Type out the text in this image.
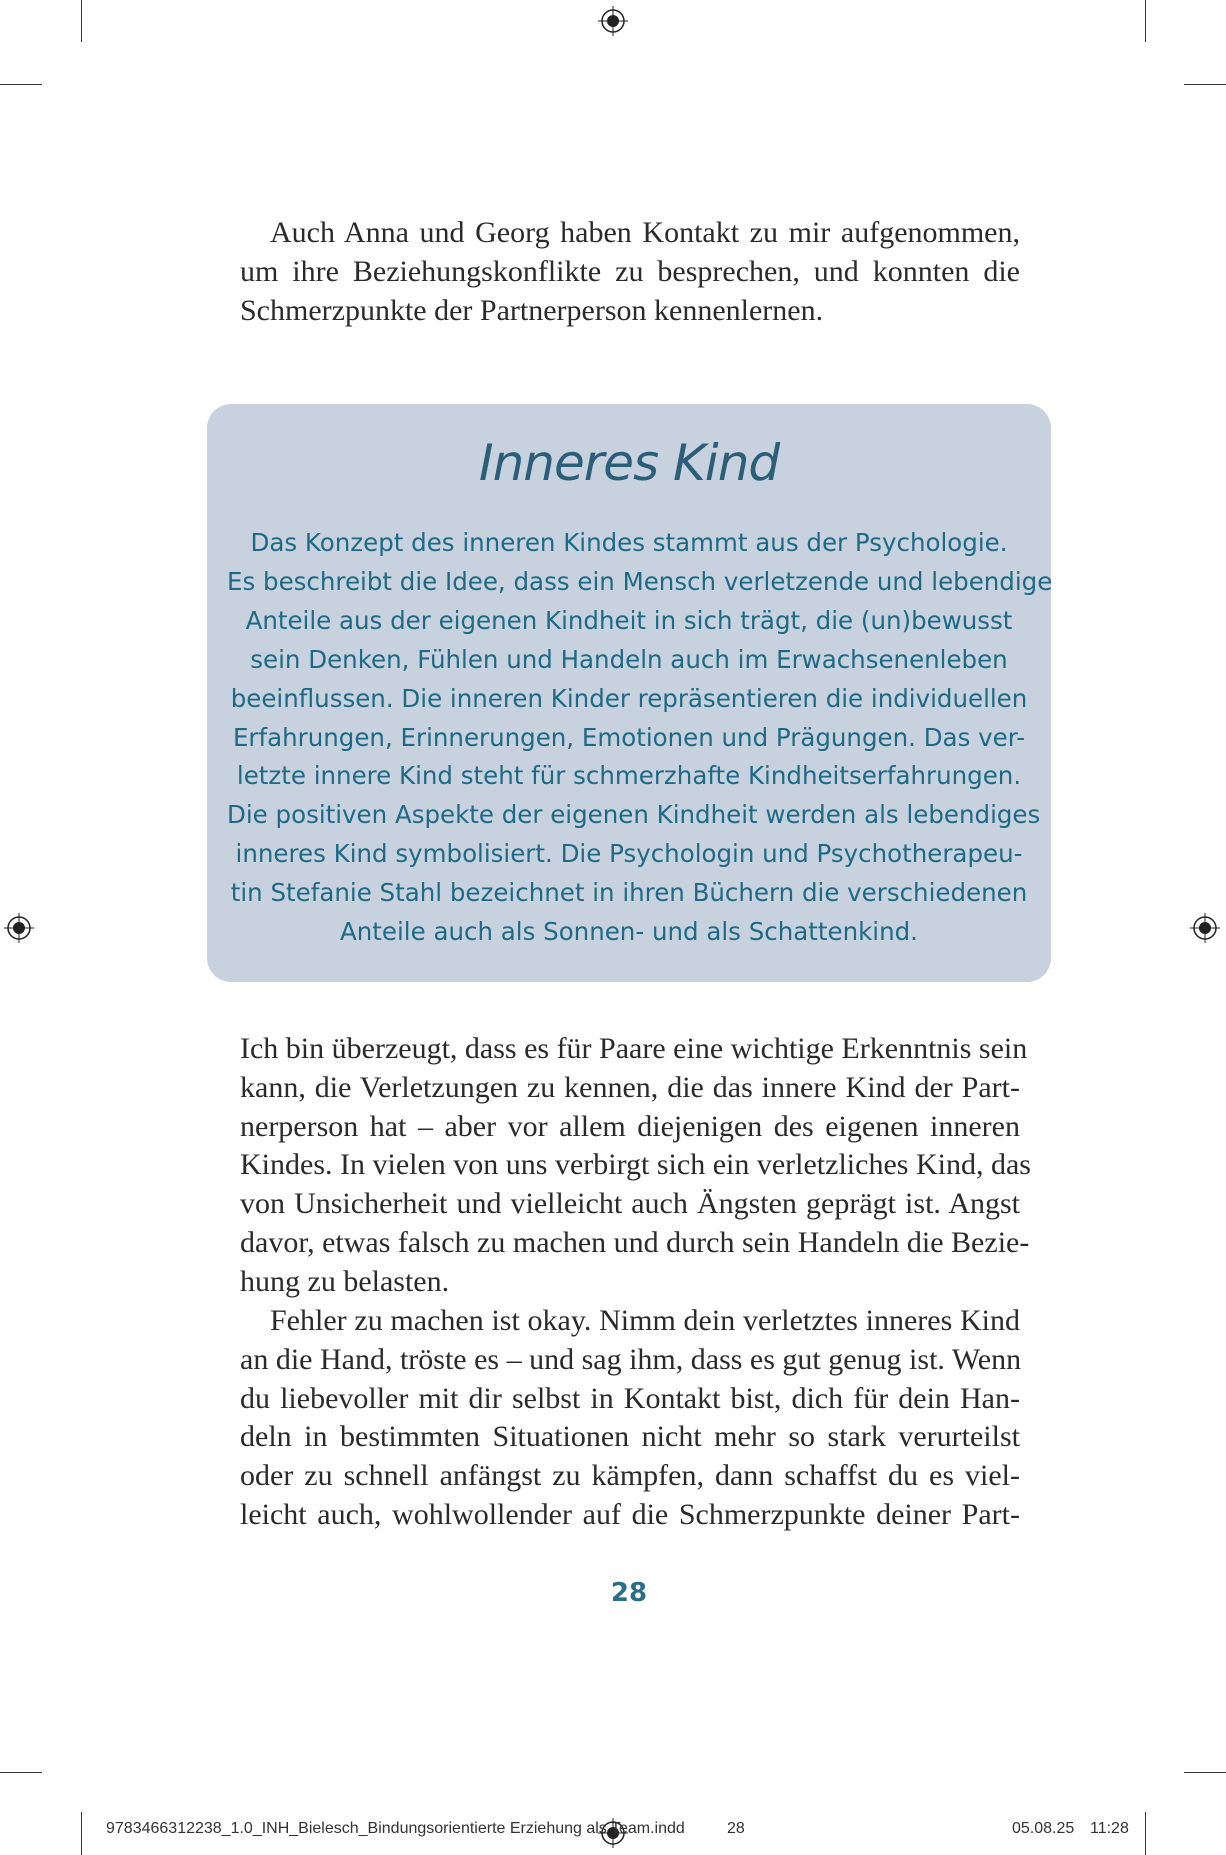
Auch Anna und Georg haben Kontakt zu mir aufgenommen,
um ihre Beziehungskonflikte zu besprechen, und konnten die
Schmerzpunkte der Partnerperson kennenlernen.

Inneres Kind

Das Konzept des inneren Kindes stammt aus der Psychologie.
Es beschreibt die Idee, dass ein Mensch verletzende und lebendige
Anteile aus der eigenen Kindheit in sich trägt, die (un)bewusst
sein Denken, Fühlen und Handeln auch im Erwachsenenleben
beeinflussen. Die inneren Kinder repräsentieren die individuellen
Erfahrungen, Erinnerungen, Emotionen und Prägungen. Das ver-
letzte innere Kind steht für schmerzhafte Kindheitserfahrungen.
Die positiven Aspekte der eigenen Kindheit werden als lebendiges
inneres Kind symbolisiert. Die Psychologin und Psychotherapeu-
tin Stefanie Stahl bezeichnet in ihren Büchern die verschiedenen
Anteile auch als Sonnen- und als Schattenkind.

Ich bin überzeugt, dass es für Paare eine wichtige Erkenntnis sein
kann, die Verletzungen zu kennen, die das innere Kind der Part-
nerperson hat – aber vor allem diejenigen des eigenen inneren
Kindes. In vielen von uns verbirgt sich ein verletzliches Kind, das
von Unsicherheit und vielleicht auch Ängsten geprägt ist. Angst
davor, etwas falsch zu machen und durch sein Handeln die Bezie-
hung zu belasten.

Fehler zu machen ist okay. Nimm dein verletztes inneres Kind
an die Hand, tröste es – und sag ihm, dass es gut genug ist. Wenn
du liebevoller mit dir selbst in Kontakt bist, dich für dein Han-
deln in bestimmten Situationen nicht mehr so stark verurteilst
oder zu schnell anfängst zu kämpfen, dann schaffst du es viel-
leicht auch, wohlwollender auf die Schmerzpunkte deiner Part-

28
9783466312238_1.0_INH_Bielesch_Bindungsorientierte Erziehung als Team.indd	28	05.08.25 11:28
